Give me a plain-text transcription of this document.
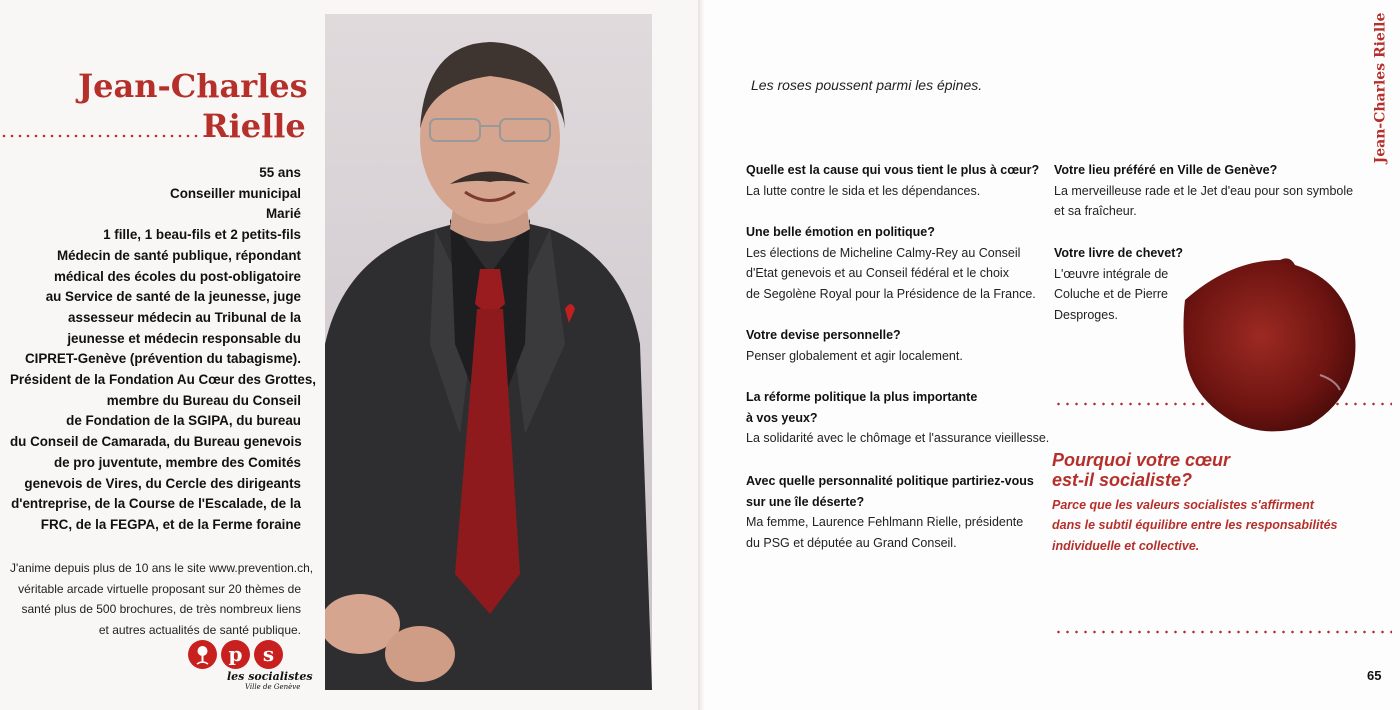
Jean-Charles
Rielle
55 ans
Conseiller municipal
Marié
1 fille, 1 beau-fils et 2 petits-fils
Médecin de santé publique, répondant
médical des écoles du post-obligatoire
au Service de santé de la jeunesse, juge
assesseur médecin au Tribunal de la
jeunesse et médecin responsable du
CIPRET-Genève (prévention du tabagisme).
Président de la Fondation Au Cœur des Grottes,
membre du Bureau du Conseil
de Fondation de la SGIPA, du bureau
du Conseil de Camarada, du Bureau genevois
de pro juventute, membre des Comités
genevois de Vires, du Cercle des dirigeants
d'entreprise, de la Course de l'Escalade, de la
FRC, de la FEGPA, et de la Ferme foraine
J'anime depuis plus de 10 ans le site www.prevention.ch,
véritable arcade virtuelle proposant sur 20 thèmes de
santé plus de 500 brochures, de très nombreux liens
et autres actualités de santé publique.
p	s
les socialistes
Ville de Genève
Les roses poussent parmi les épines.	Jean-Charles Rielle
Quelle est la cause qui vous tient le plus à cœur?
La lutte contre le sida et les dépendances.
Une belle émotion en politique?
Les élections de Micheline Calmy-Rey au Conseil
d'Etat genevois et au Conseil fédéral et le choix
de Segolène Royal pour la Présidence de la France.
Votre devise personnelle?
Penser globalement et agir localement.
La réforme politique la plus importante
à vos yeux?
La solidarité avec le chômage et l'assurance vieillesse.
Avec quelle personnalité politique partiriez-vous
sur une île déserte?
Ma femme, Laurence Fehlmann Rielle, présidente
du PSG et députée au Grand Conseil.
Votre lieu préféré en Ville de Genève?
La merveilleuse rade et le Jet d'eau pour son symbole
et sa fraîcheur.
Votre livre de chevet?
L'œuvre intégrale de
Coluche et de Pierre
Desproges.
Pourquoi votre cœur
est-il socialiste?
Parce que les valeurs socialistes s'affirment
dans le subtil équilibre entre les responsabilités
individuelle et collective.
65
